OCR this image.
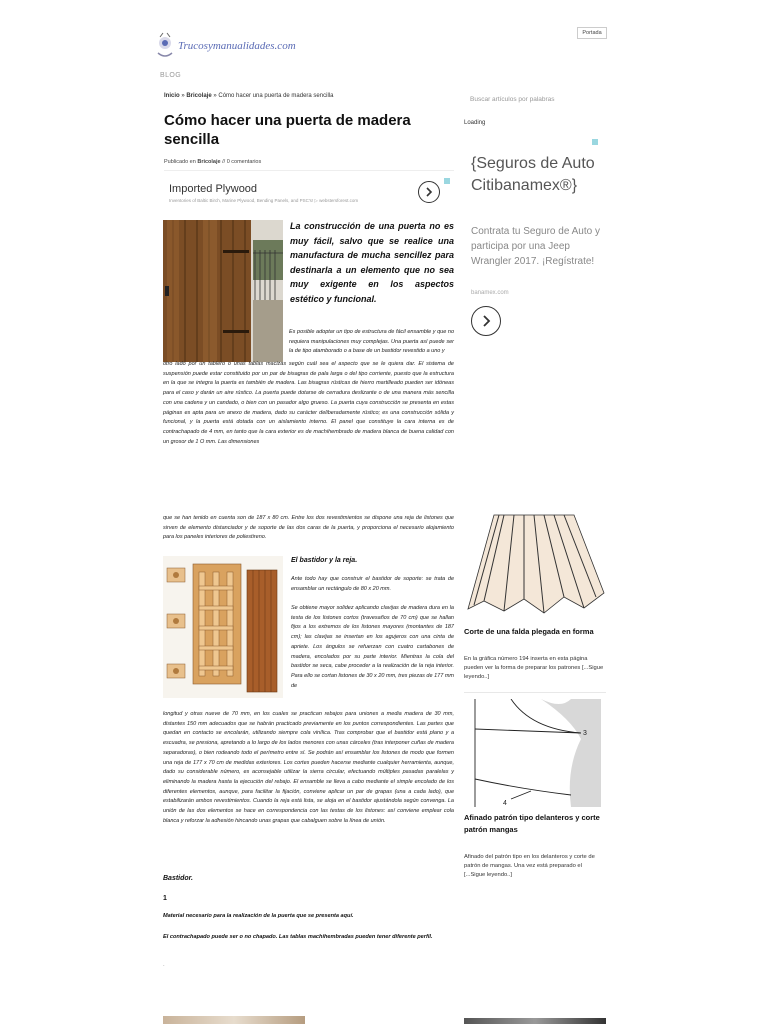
Trucosymanualidades.com
BLOG
Portada
Inicio » Bricolaje » Cómo hacer una puerta de madera sencilla
Cómo hacer una puerta de madera sencilla
Publicado en Bricolaje // 0 comentarios
Imported Plywood
Inventories of Baltic Birch, Marine Plywood, Bending Panels, and PSC's! ▷ webstersforest.com
La construcción de una puerta no es muy fácil, salvo que se realice una manufactura de mucha sencillez para destinarla a un elemento que no sea muy exigente en los aspectos estético y funcional.
Es posible adoptar un tipo de estructura de fácil ensamble y que no requiera manipulaciones muy complejas. Una puerta así puede ser la de tipo atamborado o a base de un bastidor revestido a uno y
otro lado por un tablero o unas tablas macizas según cuál sea el aspecto que se le quiera dar. El sistema de suspensión puede estar constituido por un par de bisagras de pala larga o del tipo corriente, puesto que la estructura en la que se integra la puerta es también de madera. Las bisagras rústicas de hierro martilleado pueden ser idóneas para el caso y darán un aire rústico. La puerta puede dotarse de cerradura deslizante o de una manera más sencilla con una cadena y un candado, o bien con un pasador algo grueso. La puerta cuya construcción se presenta en estas páginas es apta para un anexo de madera, dado su carácter deliberadamente rústico; es una construcción sólida y funcional, y la puerta está dotada con un aislamiento interno. El panel que constituye la cara interna es de contrachapado de 4 mm, en tanto que la cara exterior es de machihembrado de madera blanca de buena calidad con un grosor de 1 O mm. Las dimensiones
que se han tenido en cuenta son de 187 x 80 cm. Entre los dos revestimientos se dispone una reja de listones que sirven de elemento distanciador y de soporte de las dos caras de la puerta, y proporciona el necesario alojamiento para los paneles interiores de poliestireno.
El bastidor y la reja.
Ante todo hay que construir el bastidor de soporte: se trata de ensamblar un rectángulo de 80 x 20 mm.
Se obtiene mayor solidez aplicando clavijas de madera dura en la testa de los listones cortos (travesaños de 70 cm) que se hallan fijos a los extremos de los listones mayores (montantes de 187 cm); las clavijas se insertan en los agujeros con una cinta de apriete. Los ángulos se refuerzan con cuatro cartabones de madera, encolados por su parte interior. Mientras la cola del bastidor se seca, cabe proceder a la realización de la reja interior. Para ello se cortan listones de 30 x 20 mm, tres piezas de 177 mm de
longitud y otras nueve de 70 mm, en los cuales se practican rebajos para uniones a media madera de 30 mm, distantes 150 mm adecuados que se habrán practicado previamente en los puntos correspondientes. Las partes que quedan en contacto se encolarán, utilizando siempre cola vinílica. Tras comprobar que el bastidor está plano y a escuadra, se presiona, apretando a lo largo de los lados menores con unas cárceles (tras interponer cuñas de madera separadoras), o bien rodeando todo el perímetro entre sí. Se podrán así ensamblar los listones de modo que formen una reja de 177 x 70 cm de medidas exteriores. Los cortes pueden hacerse mediante cualquier herramienta, aunque, dado su considerable número, es aconsejable utilizar la sierra circular, efectuando múltiples pasadas paralelas y eliminando la madera hasta la ejecución del rebajo. El ensamble se lleva a cabo mediante el simple encolado de los diferentes elementos, aunque, para facilitar la fijación, conviene aplicar un par de grapas (una a cada lado), que estabilizarán ambos revestimientos. Cuando la reja está lista, se aloja en el bastidor ajustándola según convenga. La unión de las dos elementos se hace en correspondencia con las testas de los listones: así conviene emplear cola blanca y reforzar la adhesión hincando unas grapas que cabalguen sobre la línea de unión.
Bastidor.
1
Material necesario para la realización de la puerta que se presenta aquí.
El contrachapado puede ser o no chapado. Las tablas machihembradas pueden tener diferente perfil.
.
Buscar artículos por palabras
Loading
{Seguros de Auto Citibanamex®}
Contrata tu Seguro de Auto y participa por una Jeep Wrangler 2017. ¡Regístrate!
banamex.com
Corte de una falda plegada en forma
En la gráfica número 194 inserta en esta página pueden ver la forma de preparar los patrones [...Sigue leyendo..]
3
4
Afinado patrón tipo delanteros y corte patrón mangas
Afinado del patrón tipo en los delanteros y corte de patrón de mangas. Una vez está preparado el [...Sigue leyendo..]
